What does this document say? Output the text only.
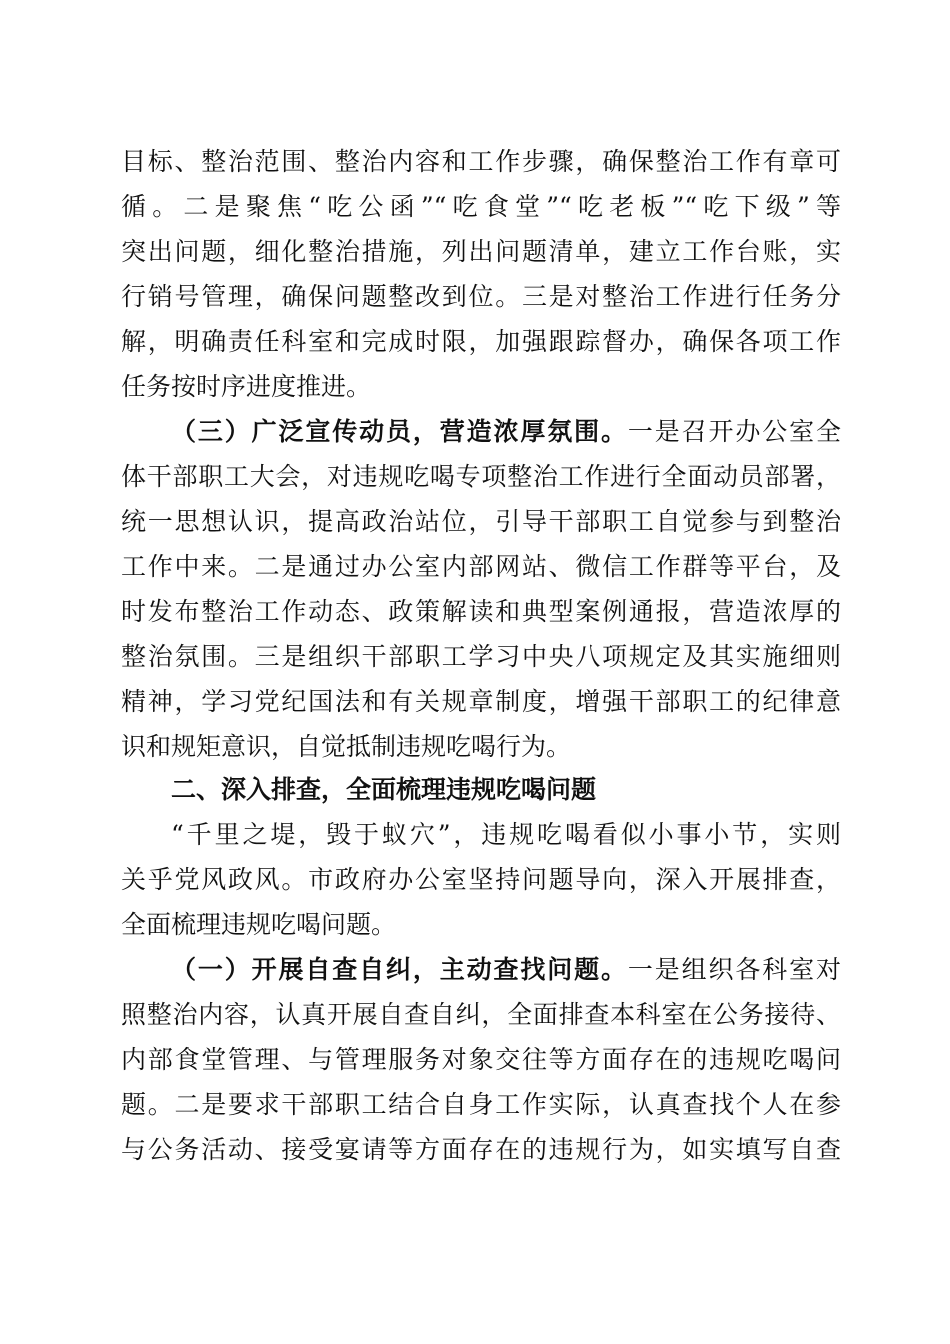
目标、整治范围、整治内容和工作步骤，确保整治工作有章可
循。二是聚焦“吃公函”“吃食堂”“吃老板”“吃下级”等
突出问题，细化整治措施，列出问题清单，建立工作台账，实
行销号管理，确保问题整改到位。三是对整治工作进行任务分
解，明确责任科室和完成时限，加强跟踪督办，确保各项工作
任务按时序进度推进。
（三）广泛宣传动员，营造浓厚氛围。一是召开办公室全
体干部职工大会，对违规吃喝专项整治工作进行全面动员部署，
统一思想认识，提高政治站位，引导干部职工自觉参与到整治
工作中来。二是通过办公室内部网站、微信工作群等平台，及
时发布整治工作动态、政策解读和典型案例通报，营造浓厚的
整治氛围。三是组织干部职工学习中央八项规定及其实施细则
精神，学习党纪国法和有关规章制度，增强干部职工的纪律意
识和规矩意识，自觉抵制违规吃喝行为。
二、深入排查，全面梳理违规吃喝问题
“千里之堤，毁于蚁穴”，违规吃喝看似小事小节，实则
关乎党风政风。市政府办公室坚持问题导向，深入开展排查，
全面梳理违规吃喝问题。
（一）开展自查自纠，主动查找问题。一是组织各科室对
照整治内容，认真开展自查自纠，全面排查本科室在公务接待、
内部食堂管理、与管理服务对象交往等方面存在的违规吃喝问
题。二是要求干部职工结合自身工作实际，认真查找个人在参
与公务活动、接受宴请等方面存在的违规行为，如实填写自查
